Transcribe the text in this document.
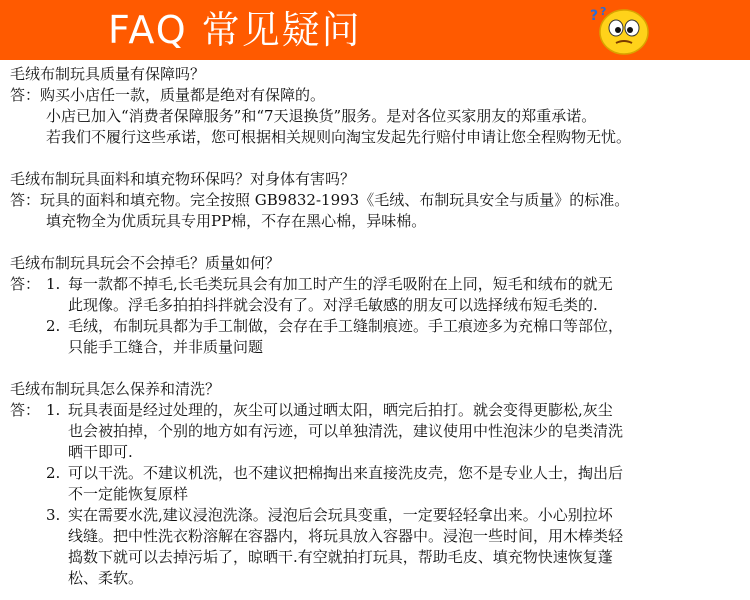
FAQ 常见疑问	? ?
毛绒布制玩具质量有保障吗？
答：购买小店任一款，质量都是绝对有保障的。
小店已加入“消费者保障服务”和“7天退换货”服务。是对各位买家朋友的郑重承诺。
若我们不履行这些承诺，您可根据相关规则向淘宝发起先行赔付申请让您全程购物无忧。
毛绒布制玩具面料和填充物环保吗？对身体有害吗？
答：玩具的面料和填充物。完全按照 GB9832-1993《毛绒、布制玩具安全与质量》的标准。
填充物全为优质玩具专用PP棉，不存在黑心棉，异味棉。
毛绒布制玩具玩会不会掉毛？质量如何？
答： 1. 每一款都不掉毛,长毛类玩具会有加工时产生的浮毛吸附在上同，短毛和绒布的就无
此现像。浮毛多拍拍抖拌就会没有了。对浮毛敏感的朋友可以选择绒布短毛类的.
2. 毛绒，布制玩具都为手工制做，会存在手工缝制痕迹。手工痕迹多为充棉口等部位，
只能手工缝合，并非质量问题
毛绒布制玩具怎么保养和清洗？
答： 1. 玩具表面是经过处理的，灰尘可以通过晒太阳，晒完后拍打。就会变得更膨松,灰尘
也会被拍掉，个别的地方如有污迹，可以单独清洗，建议使用中性泡沫少的皂类清洗
晒干即可.
2. 可以干洗。不建议机洗，也不建议把棉掏出来直接洗皮壳，您不是专业人士，掏出后
不一定能恢复原样
3. 实在需要水洗,建议浸泡洗涤。浸泡后会玩具变重，一定要轻轻拿出来。小心别拉坏
线缝。把中性洗衣粉溶解在容器内，将玩具放入容器中。浸泡一些时间，用木棒类轻
捣数下就可以去掉污垢了，晾晒干.有空就拍打玩具，帮助毛皮、填充物快速恢复蓬
松、柔软。
